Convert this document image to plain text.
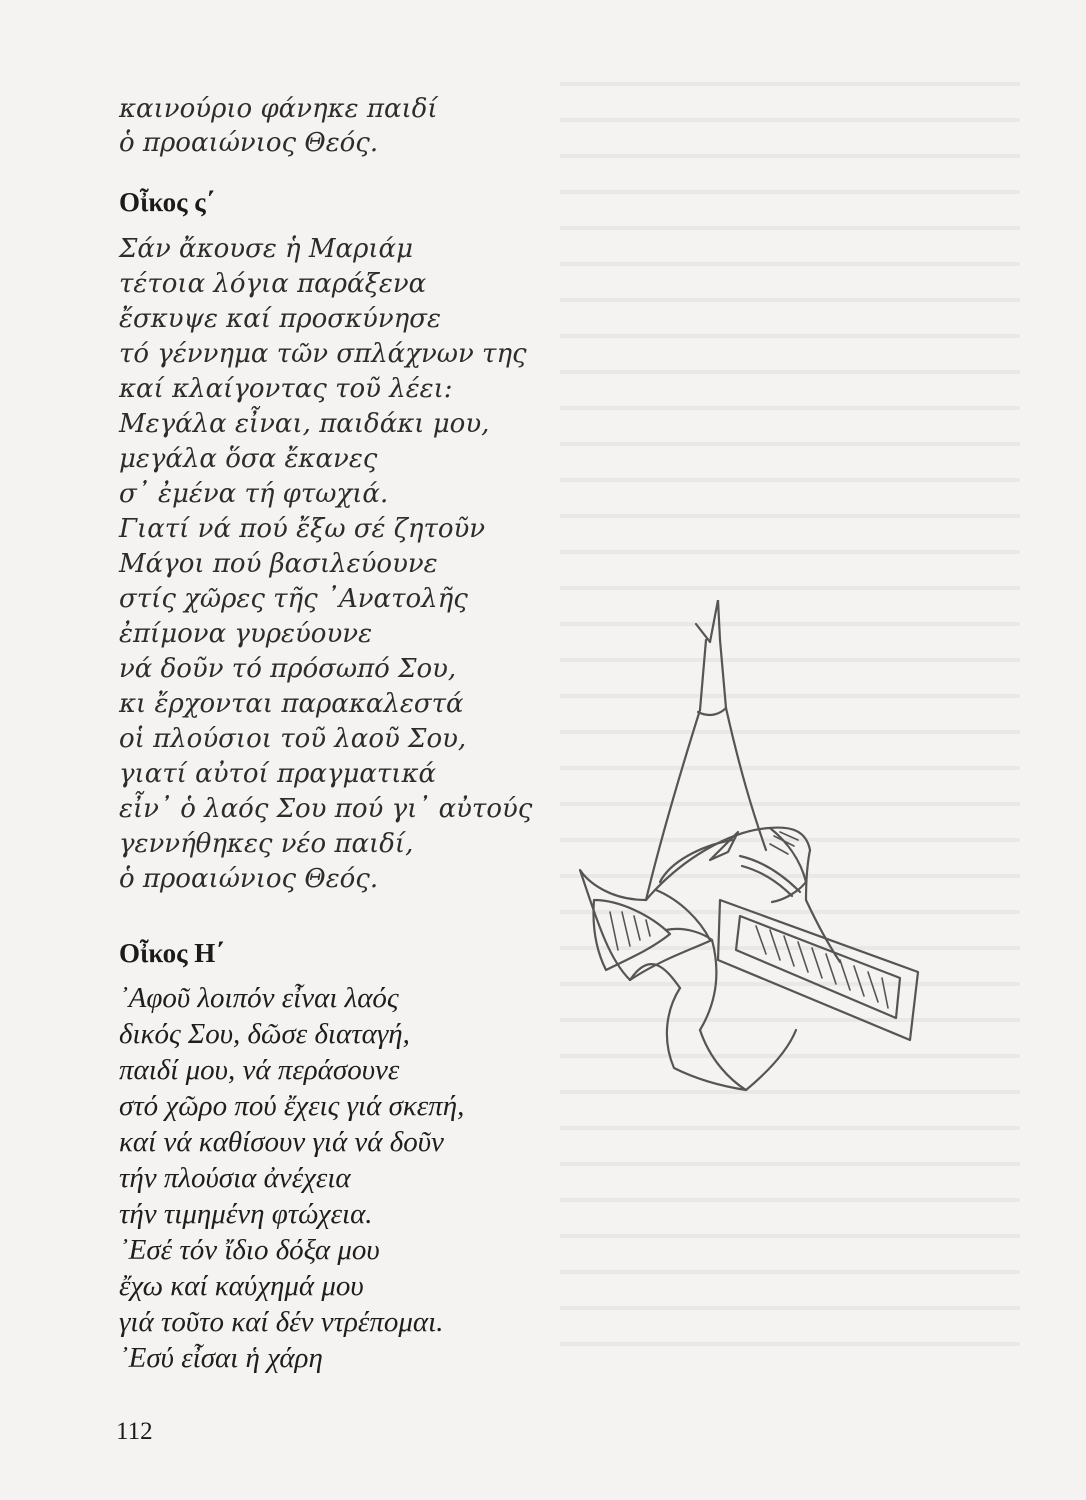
καινούριο φάνηκε παιδί
ὁ προαιώνιος Θεός.
Οἶκος ς΄
Σάν ἄκουσε ἡ Μαριάμ
τέτοια λόγια παράξενα
ἔσκυψε καί προσκύνησε
τό γέννημα τῶν σπλάχνων της
καί κλαίγοντας τοῦ λέει:
Μεγάλα εἶναι, παιδάκι μου,
μεγάλα ὅσα ἔκανες
σ᾿ ἐμένα τή φτωχιά.
Γιατί νά πού ἔξω σέ ζητοῦν
Μάγοι πού βασιλεύουνε
στίς χῶρες τῆς ᾿Ανατολῆς
ἐπίμονα γυρεύουνε
νά δοῦν τό πρόσωπό Σου,
κι ἔρχονται παρακαλεστά
οἱ πλούσιοι τοῦ λαοῦ Σου,
γιατί αὐτοί πραγματικά
εἶν᾿ ὁ λαός Σου πού γι᾿ αὐτούς
γεννήθηκες νέο παιδί,
ὁ προαιώνιος Θεός.
Οἶκος Η΄
᾿Αφοῦ λοιπόν εἶναι λαός
δικός Σου, δῶσε διαταγή,
παιδί μου, νά περάσουνε
στό χῶρο πού ἔχεις γιά σκεπή,
καί νά καθίσουν γιά νά δοῦν
τήν πλούσια ἀνέχεια
τήν τιμημένη φτώχεια.
᾿Εσέ τόν ἴδιο δόξα μου
ἔχω καί καύχημά μου
γιά τοῦτο καί δέν ντρέπομαι.
᾿Εσύ εἶσαι ἡ χάρη
112
